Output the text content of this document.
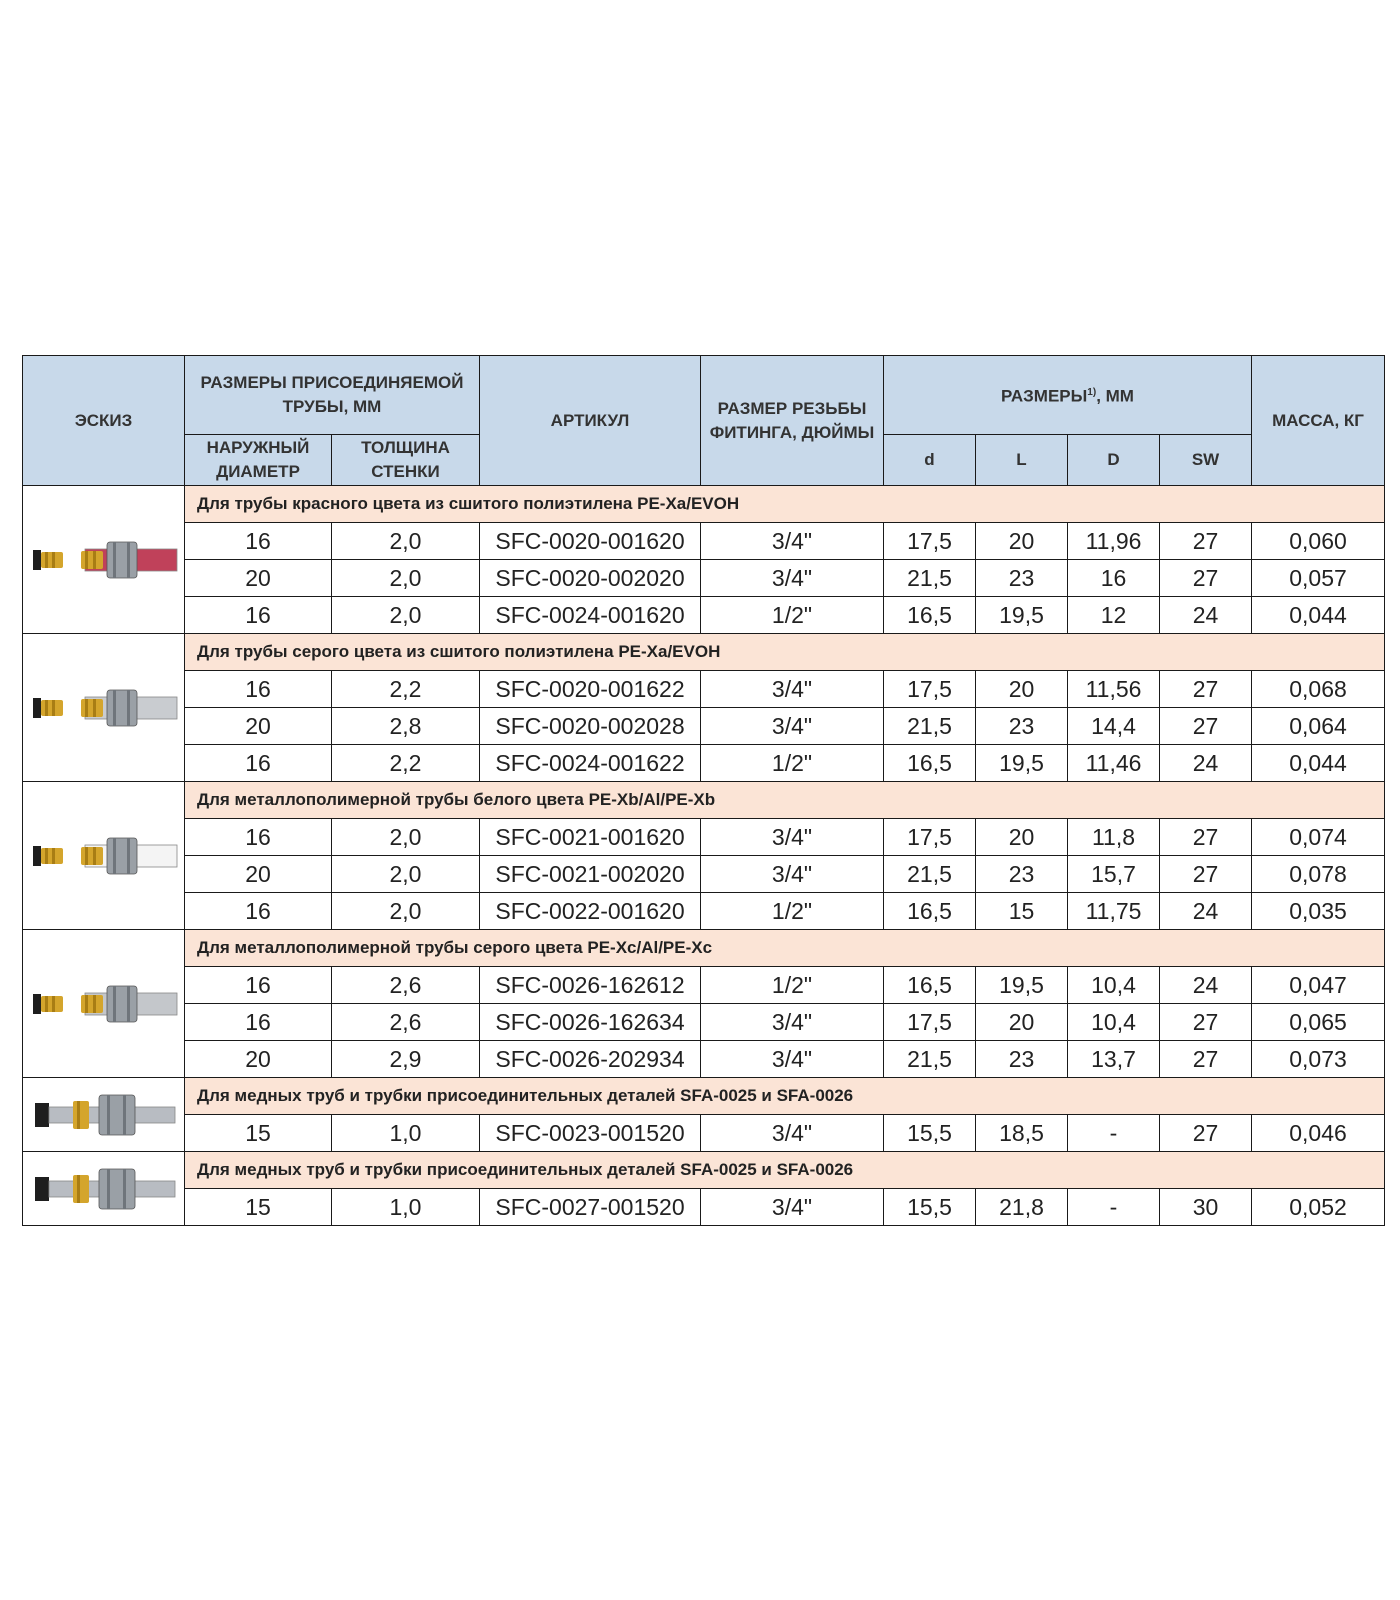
ЭСКИЗ	РАЗМЕРЫ ПРИСОЕДИНЯЕМОЙ ТРУБЫ, ММ		АРТИКУЛ	РАЗМЕР РЕЗЬБЫ ФИТИНГА, ДЮЙМЫ	РАЗМЕРЫ$^{1)}$, ММ				МАССА, КГ
	НАРУЖНЫЙ ДИАМЕТР	ТОЛЩИНА СТЕНКИ			d	L	D	SW	

	Для трубы красного цвета из сшитого полиэтилена PE-Xa/EVOH								
	16	2,0	SFC-0020-001620	3/4"	17,5	20	11,96	27	0,060
	20	2,0	SFC-0020-002020	3/4"	21,5	23	16	27	0,057
	16	2,0	SFC-0024-001620	1/2"	16,5	19,5	12	24	0,044

	Для трубы серого цвета из сшитого полиэтилена PE-Xa/EVOH								
	16	2,2	SFC-0020-001622	3/4"	17,5	20	11,56	27	0,068
	20	2,8	SFC-0020-002028	3/4"	21,5	23	14,4	27	0,064
	16	2,2	SFC-0024-001622	1/2"	16,5	19,5	11,46	24	0,044

	Для металлополимерной трубы белого цвета PE-Xb/Al/PE-Xb								
	16	2,0	SFC-0021-001620	3/4"	17,5	20	11,8	27	0,074
	20	2,0	SFC-0021-002020	3/4"	21,5	23	15,7	27	0,078
	16	2,0	SFC-0022-001620	1/2"	16,5	15	11,75	24	0,035

	Для металлополимерной трубы серого цвета PE-Xc/Al/PE-Xc								
	16	2,6	SFC-0026-162612	1/2"	16,5	19,5	10,4	24	0,047
	16	2,6	SFC-0026-162634	3/4"	17,5	20	10,4	27	0,065
	20	2,9	SFC-0026-202934	3/4"	21,5	23	13,7	27	0,073

	Для медных труб и трубки присоединительных деталей SFA-0025 и SFA-0026								
	15	1,0	SFC-0023-001520	3/4"	15,5	18,5	-	27	0,046

	Для медных труб и трубки присоединительных деталей SFA-0025 и SFA-0026								
	15	1,0	SFC-0027-001520	3/4"	15,5	21,8	-	30	0,052
